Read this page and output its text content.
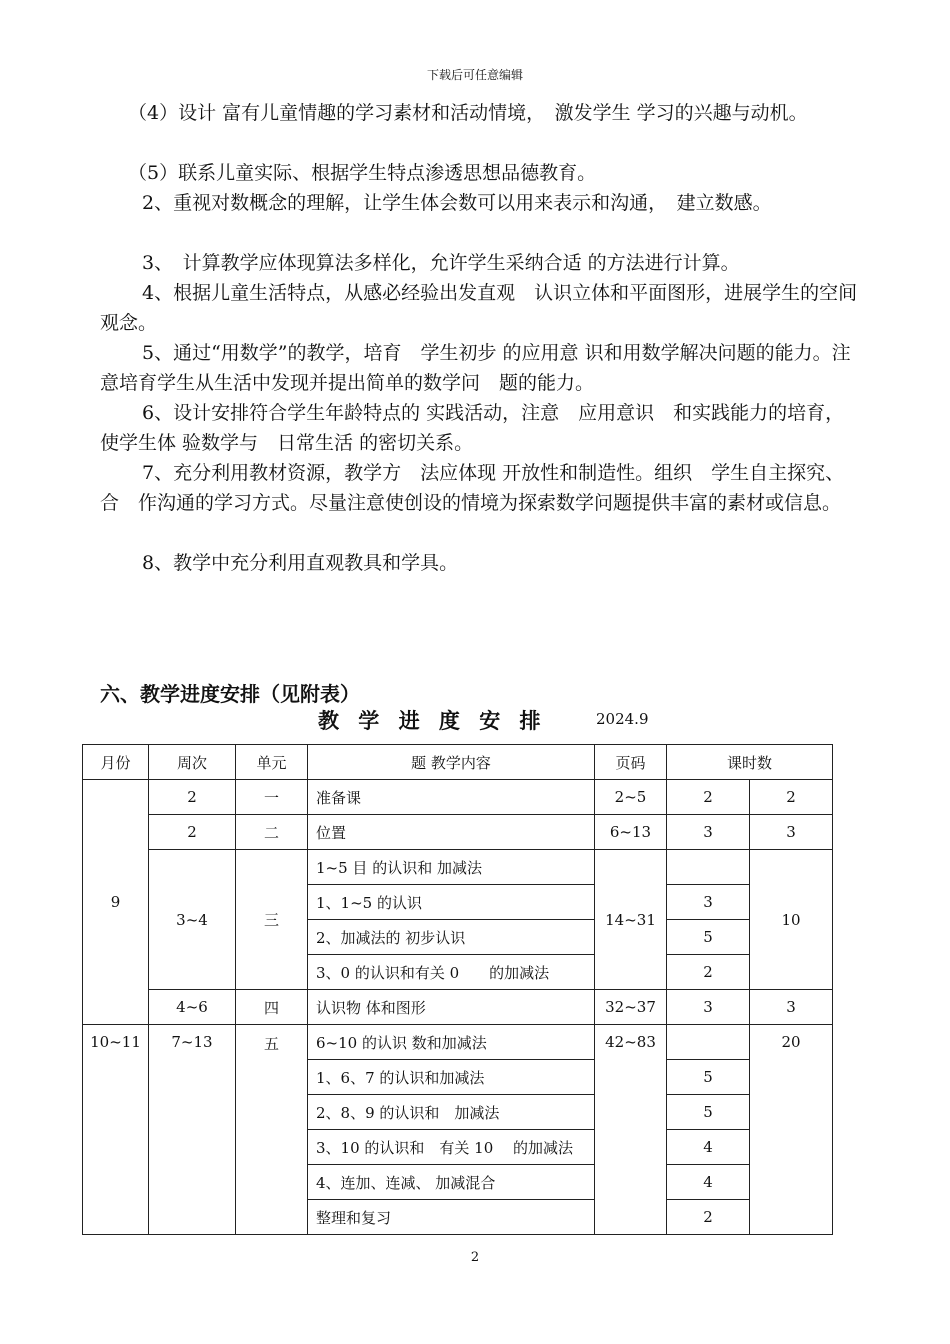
下载后可任意编辑

（4）设计 富有儿童情趣的学习素材和活动情境，　激发学生 学习的兴趣与动机。

（5）联系儿童实际、根据学生特点渗透思想品德教育。

2、重视对数概念的理解，让学生体会数可以用来表示和沟通，　建立数感。

3、　计算教学应体现算法多样化，允许学生采纳合适 的方法进行计算。

4、根据儿童生活特点，从感必经验出发直观　认识立体和平面图形，进展学生的空间观念。

5、通过“用数学”的教学，培育　学生初步 的应用意 识和用数学解决问题的能力。注意培育学生从生活中发现并提出简单的数学问　题的能力。

6、设计安排符合学生年龄特点的 实践活动，注意　应用意识　和实践能力的培育，　使学生体 验数学与　日常生活 的密切关系。

7、充分利用教材资源，教学方　法应体现 开放性和制造性。组织　学生自主探究、合　作沟通的学习方式。尽量注意使创设的情境为探索数学问题提供丰富的素材或信息。

8、教学中充分利用直观教具和学具。

六、教学进度安排（见附表）
教 学 进 度 安 排	2024.9
月份	周次	单元	题 教学内容	页码	课时数	
9	2	一	准备课	2~5	2	2
	2	二	位置	6~13	3	3
	3~4	三	1~5 目 的认识和 加减法	14~31		10
			1、1~5 的认识		3	
			2、加减法的 初步认识		5	
			3、0 的认识和有关 0　　的加减法		2	
	4~6	四	认识物 体和图形	32~37	3	3
10~11	7~13	五	6~10 的认识 数和加减法	42~83		20
			1、6、7 的认识和加减法		5	
			2、8、9 的认识和　加减法		5	
			3、10 的认识和　有关 10　 的加减法		4	
			4、连加、连减、 加减混合		4	
			整理和复习		2	
2
